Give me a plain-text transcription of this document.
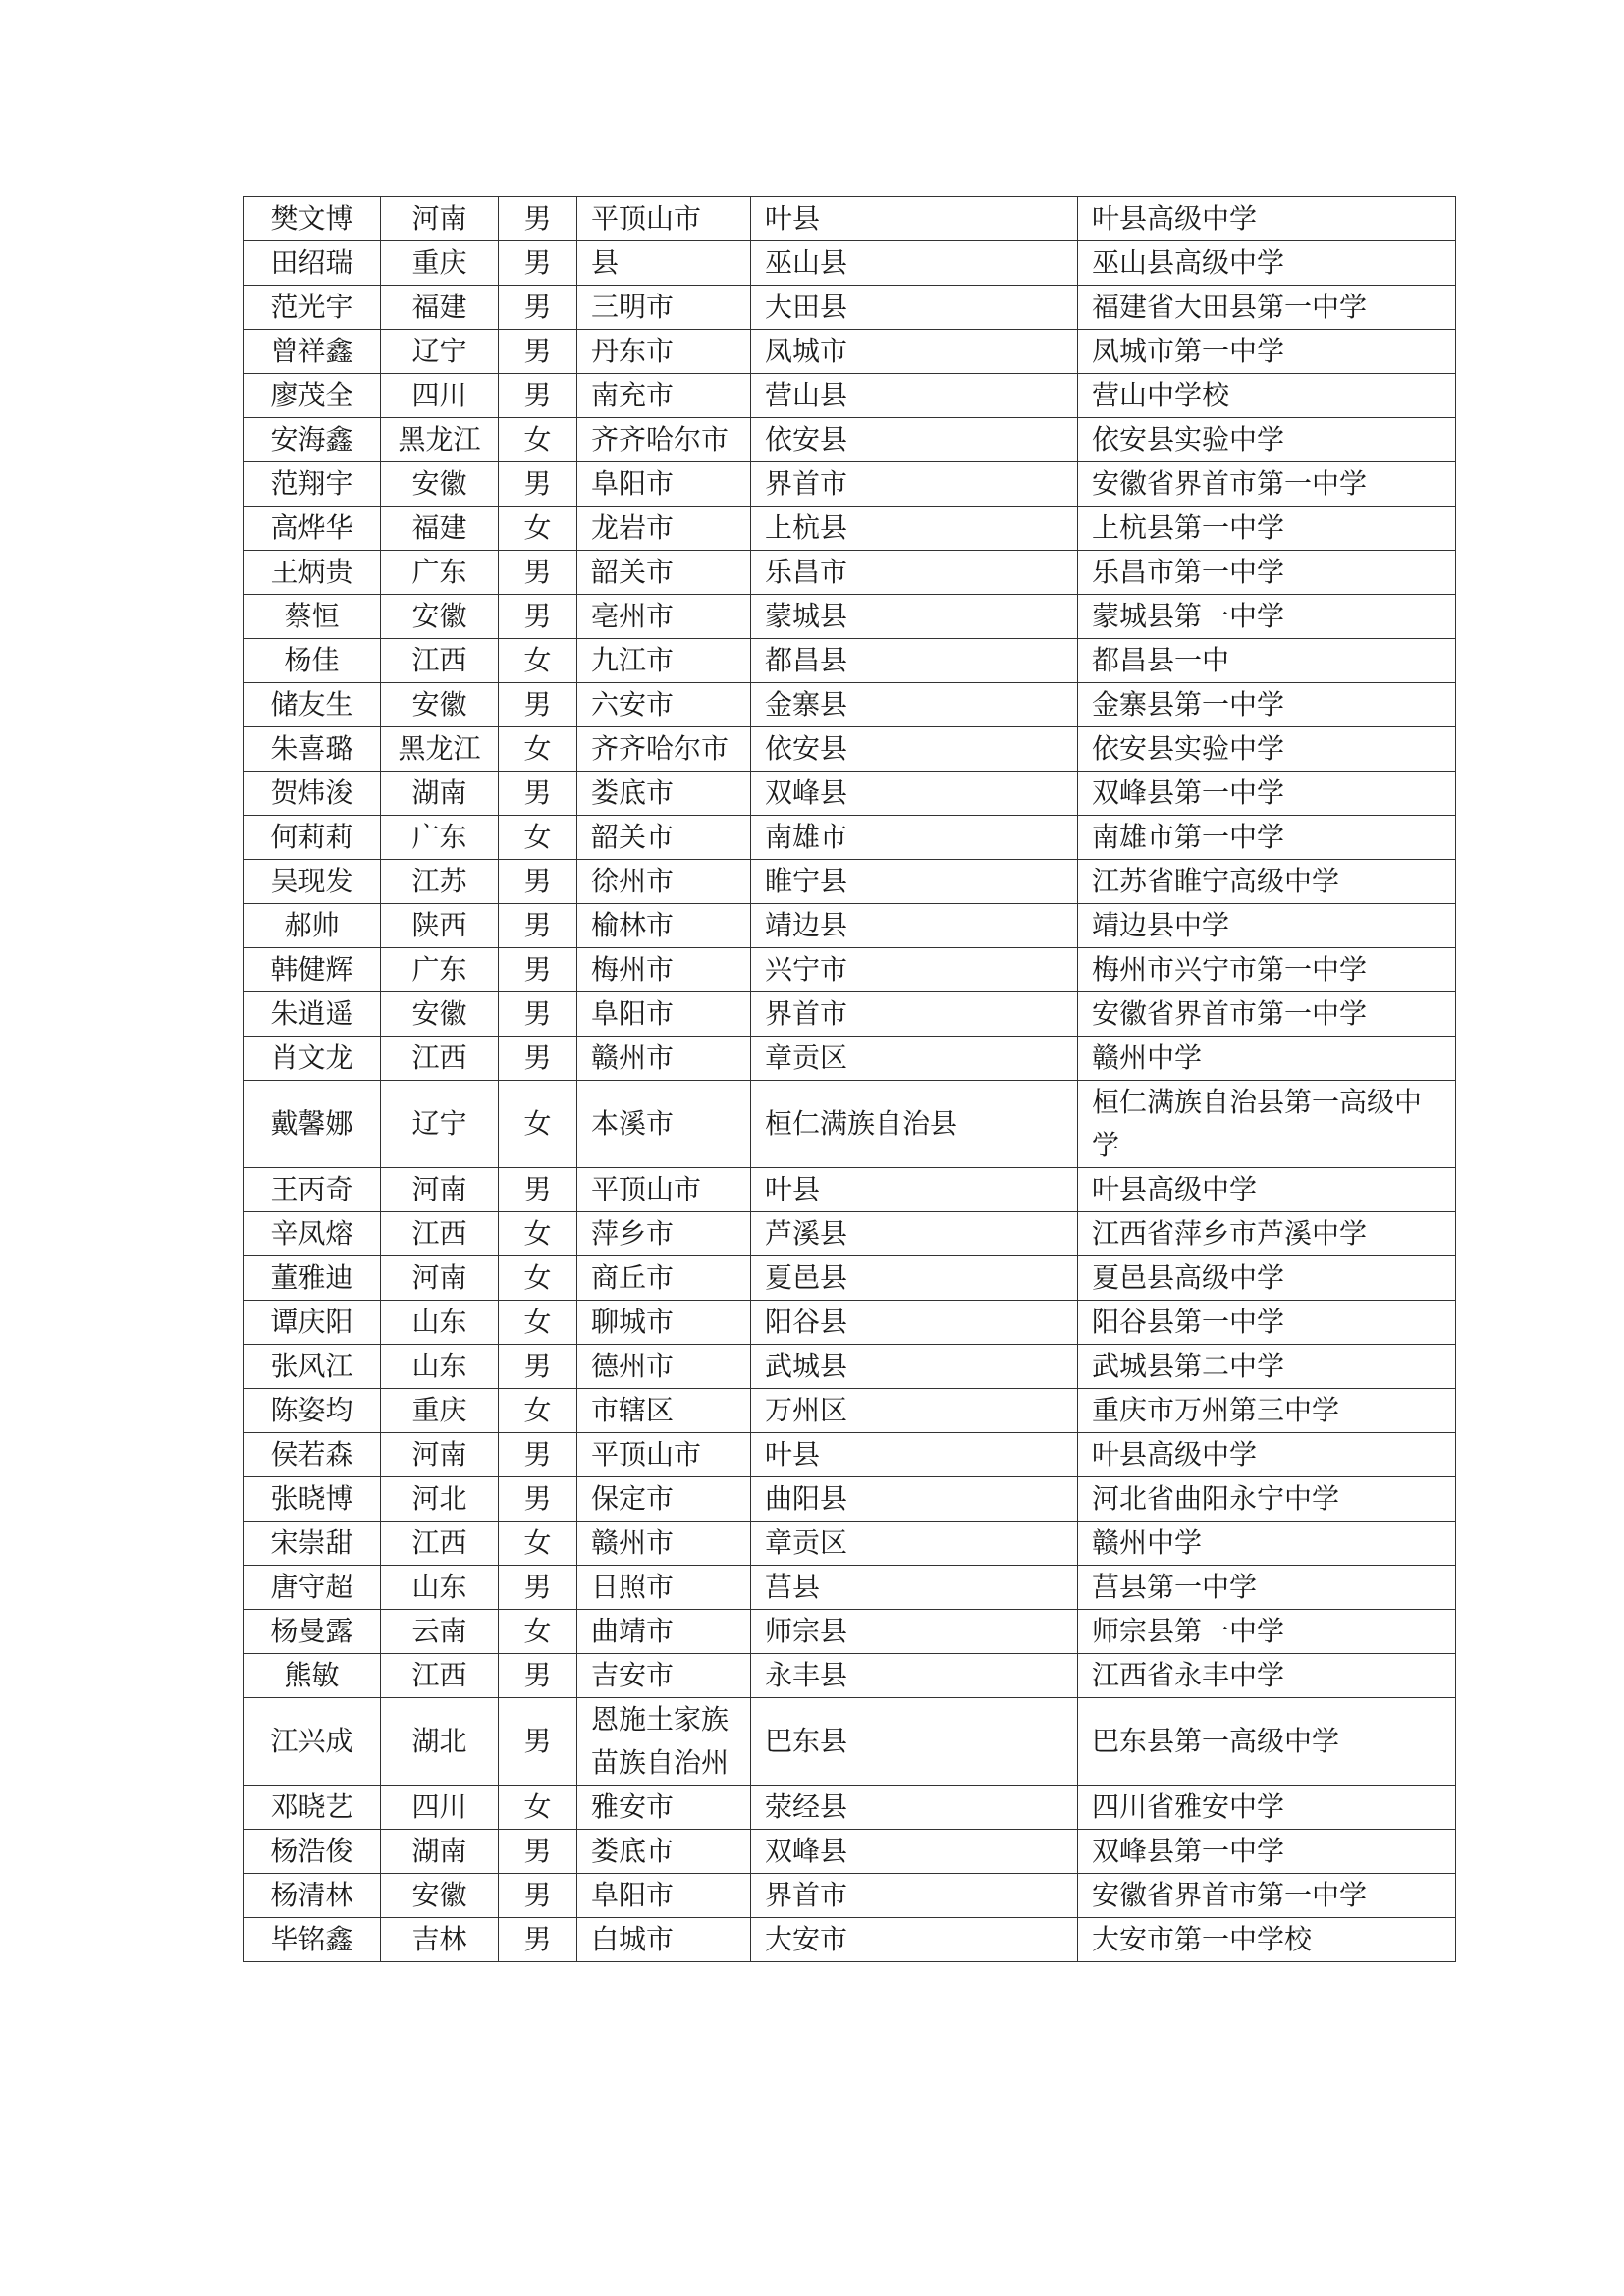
樊文博	河南	男	平顶山市	叶县	叶县高级中学
田绍瑞	重庆	男	县	巫山县	巫山县高级中学
范光宇	福建	男	三明市	大田县	福建省大田县第一中学
曾祥鑫	辽宁	男	丹东市	凤城市	凤城市第一中学
廖茂全	四川	男	南充市	营山县	营山中学校
安海鑫	黑龙江	女	齐齐哈尔市	依安县	依安县实验中学
范翔宇	安徽	男	阜阳市	界首市	安徽省界首市第一中学
高烨华	福建	女	龙岩市	上杭县	上杭县第一中学
王炳贵	广东	男	韶关市	乐昌市	乐昌市第一中学
蔡恒	安徽	男	亳州市	蒙城县	蒙城县第一中学
杨佳	江西	女	九江市	都昌县	都昌县一中
储友生	安徽	男	六安市	金寨县	金寨县第一中学
朱喜璐	黑龙江	女	齐齐哈尔市	依安县	依安县实验中学
贺炜浚	湖南	男	娄底市	双峰县	双峰县第一中学
何莉莉	广东	女	韶关市	南雄市	南雄市第一中学
吴现发	江苏	男	徐州市	睢宁县	江苏省睢宁高级中学
郝帅	陕西	男	榆林市	靖边县	靖边县中学
韩健辉	广东	男	梅州市	兴宁市	梅州市兴宁市第一中学
朱逍遥	安徽	男	阜阳市	界首市	安徽省界首市第一中学
肖文龙	江西	男	赣州市	章贡区	赣州中学
戴馨娜	辽宁	女	本溪市	桓仁满族自治县	桓仁满族自治县第一高级中学
王丙奇	河南	男	平顶山市	叶县	叶县高级中学
辛凤熔	江西	女	萍乡市	芦溪县	江西省萍乡市芦溪中学
董雅迪	河南	女	商丘市	夏邑县	夏邑县高级中学
谭庆阳	山东	女	聊城市	阳谷县	阳谷县第一中学
张风江	山东	男	德州市	武城县	武城县第二中学
陈姿均	重庆	女	市辖区	万州区	重庆市万州第三中学
侯若森	河南	男	平顶山市	叶县	叶县高级中学
张晓博	河北	男	保定市	曲阳县	河北省曲阳永宁中学
宋崇甜	江西	女	赣州市	章贡区	赣州中学
唐守超	山东	男	日照市	莒县	莒县第一中学
杨曼露	云南	女	曲靖市	师宗县	师宗县第一中学
熊敏	江西	男	吉安市	永丰县	江西省永丰中学
江兴成	湖北	男	恩施土家族苗族自治州	巴东县	巴东县第一高级中学
邓晓艺	四川	女	雅安市	荥经县	四川省雅安中学
杨浩俊	湖南	男	娄底市	双峰县	双峰县第一中学
杨清林	安徽	男	阜阳市	界首市	安徽省界首市第一中学
毕铭鑫	吉林	男	白城市	大安市	大安市第一中学校
